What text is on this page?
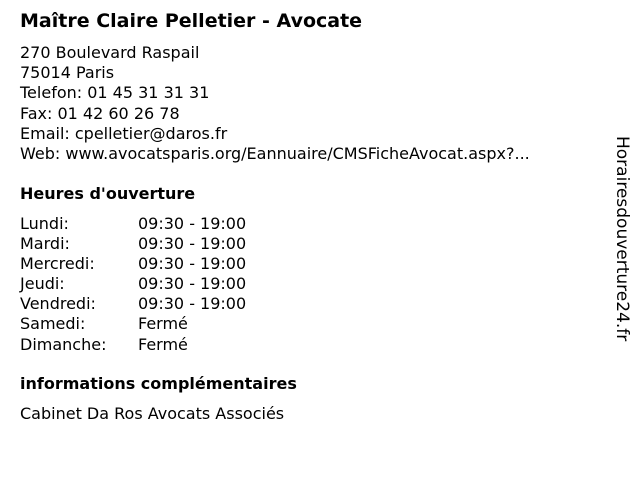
Maître Claire Pelletier - Avocate
270 Boulevard Raspail
75014 Paris
Telefon: 01 45 31 31 31
Fax: 01 42 60 26 78
Email: cpelletier@daros.fr
Web: www.avocatsparis.org/Eannuaire/CMSFicheAvocat.aspx?...
Heures d'ouverture
Lundi:	09:30 - 19:00
Mardi:	09:30 - 19:00
Mercredi:	09:30 - 19:00
Jeudi:	09:30 - 19:00
Vendredi:	09:30 - 19:00
Samedi:	Fermé
Dimanche: Fermé
informations complémentaires
Cabinet Da Ros Avocats Associés
Horairesdouverture24.fr
